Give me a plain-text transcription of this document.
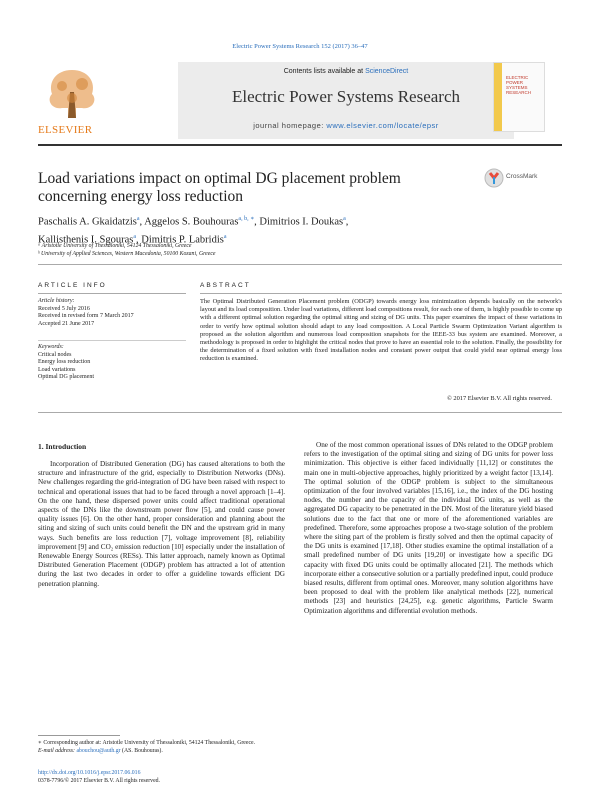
Electric Power Systems Research 152 (2017) 36–47
ELSEVIER
Contents lists available at ScienceDirect
Electric Power Systems Research
journal homepage: www.elsevier.com/locate/epsr
ELECTRIC POWER SYSTEMS RESEARCH
Load variations impact on optimal DG placement problem concerning energy loss reduction
CrossMark
Paschalis A. Gkaidatzis$^a$, Aggelos S. Bouhouras$^{a, b, ∗}$, Dimitrios I. Doukas$^a$,
Kallisthenis I. Sgouras$^a$, Dimitris P. Labridis$^a$
ᵃ Aristotle University of Thessaloniki, 54124 Thessaloniki, Greece
ᵇ University of Applied Sciences, Western Macedonia, 50100 Kozani, Greece
ARTICLE INFO	ABSTRACT
Article history:
Received 5 July 2016
Received in revised form 7 March 2017
Accepted 21 June 2017
Keywords:
Critical nodes
Energy loss reduction
Load variations
Optimal DG placement
The Optimal Distributed Generation Placement problem (ODGP) towards energy loss minimization depends basically on the network's layout and its load composition. Under load variations, different load compositions result, for each one of them, is highly possible to come up with a different optimal solution regarding the optimal siting and sizing of DG units. This paper examines the impact of these variations in order to verify how optimal solution should adapt to any load composition. A Local Particle Swarm Optimization Variant algorithm is proposed as the solution algorithm and numerous load composition snapshots for the IEEE-33 bus system are examined. Moreover, a methodology is proposed in order to highlight the critical nodes that prove to have an essential role to the solution. Finally, the possibility for the determination of a fixed solution with fixed installation nodes and constant power output that could yield near optimal energy loss reduction is examined.
© 2017 Elsevier B.V. All rights reserved.
1. Introduction

Incorporation of Distributed Generation (DG) has caused alterations to both the structure and infrastructure of the grid, especially to Distribution Networks (DNs). New challenges regarding the grid-integration of DG have been raised with respect to technical and operational issues that had to be faced through a novel approach [1–4]. On the one hand, these dispersed power units could affect traditional operational aspects of the DNs like the downstream power flow [5], and could cause power quality issues [6]. On the other hand, proper consideration and planning about the siting and sizing of such units could benefit the DN and the upstream grid in many ways. Such benefits are loss reduction [7], voltage improvement [8], reliability improvement [9] and CO₂ emission reduction [10] especially under the installation of Renewable Energy Sources (RESs). This latter approach, namely known as Optimal Distributed Generation Placement (ODGP) problem has attracted a lot of attention during the last two decades in order to offer a guideline towards efficient DG penetration planning.

One of the most common operational issues of DNs related to the ODGP problem refers to the investigation of the optimal siting and sizing of DG units for power loss minimization. This objective is either faced individually [11,12] or constitutes the main one in multi-objective approaches, highly prioritized by a weight factor [13,14]. The optimal solution of the ODGP problem is subject to the simultaneous optimization of the four involved variables [15,16], i.e., the index of the DG hosting nodes, the number and the capacity of the individual DG units, as well as the aggregated DG capacity to be penetrated in the DN. Most of the literature yield biased solutions due to the fact that one or more of the aforementioned variables are predefined. Therefore, some approaches propose a two-stage solution of the problem where the siting part of the problem is firstly solved and then the optimal capacity of the DG units is examined [17,18]. Other studies examine the optimal installation of a small predefined number of DG units [19,20] or investigate how a specific DG capacity with fixed DG units could be optimally allocated [21]. The methods which incorporate either a consecutive solution or a partially predefined input, could produce biased results, different from optimal ones. Moreover, many solution algorithms have been proposed to deal with the problem like analytical methods [22], numerical methods [23] and heuristics [24,25], e.g. genetic algorithms, Particle Swarm Optimization algorithms and differential evolution methods.

∗ Corresponding author at: Aristotle University of Thessaloniki, 54124 Thessaloniki, Greece.
E-mail address: abouchou@auth.gr (AS. Bouhouras).
http://dx.doi.org/10.1016/j.epsr.2017.06.016
0378-7796/© 2017 Elsevier B.V. All rights reserved.
